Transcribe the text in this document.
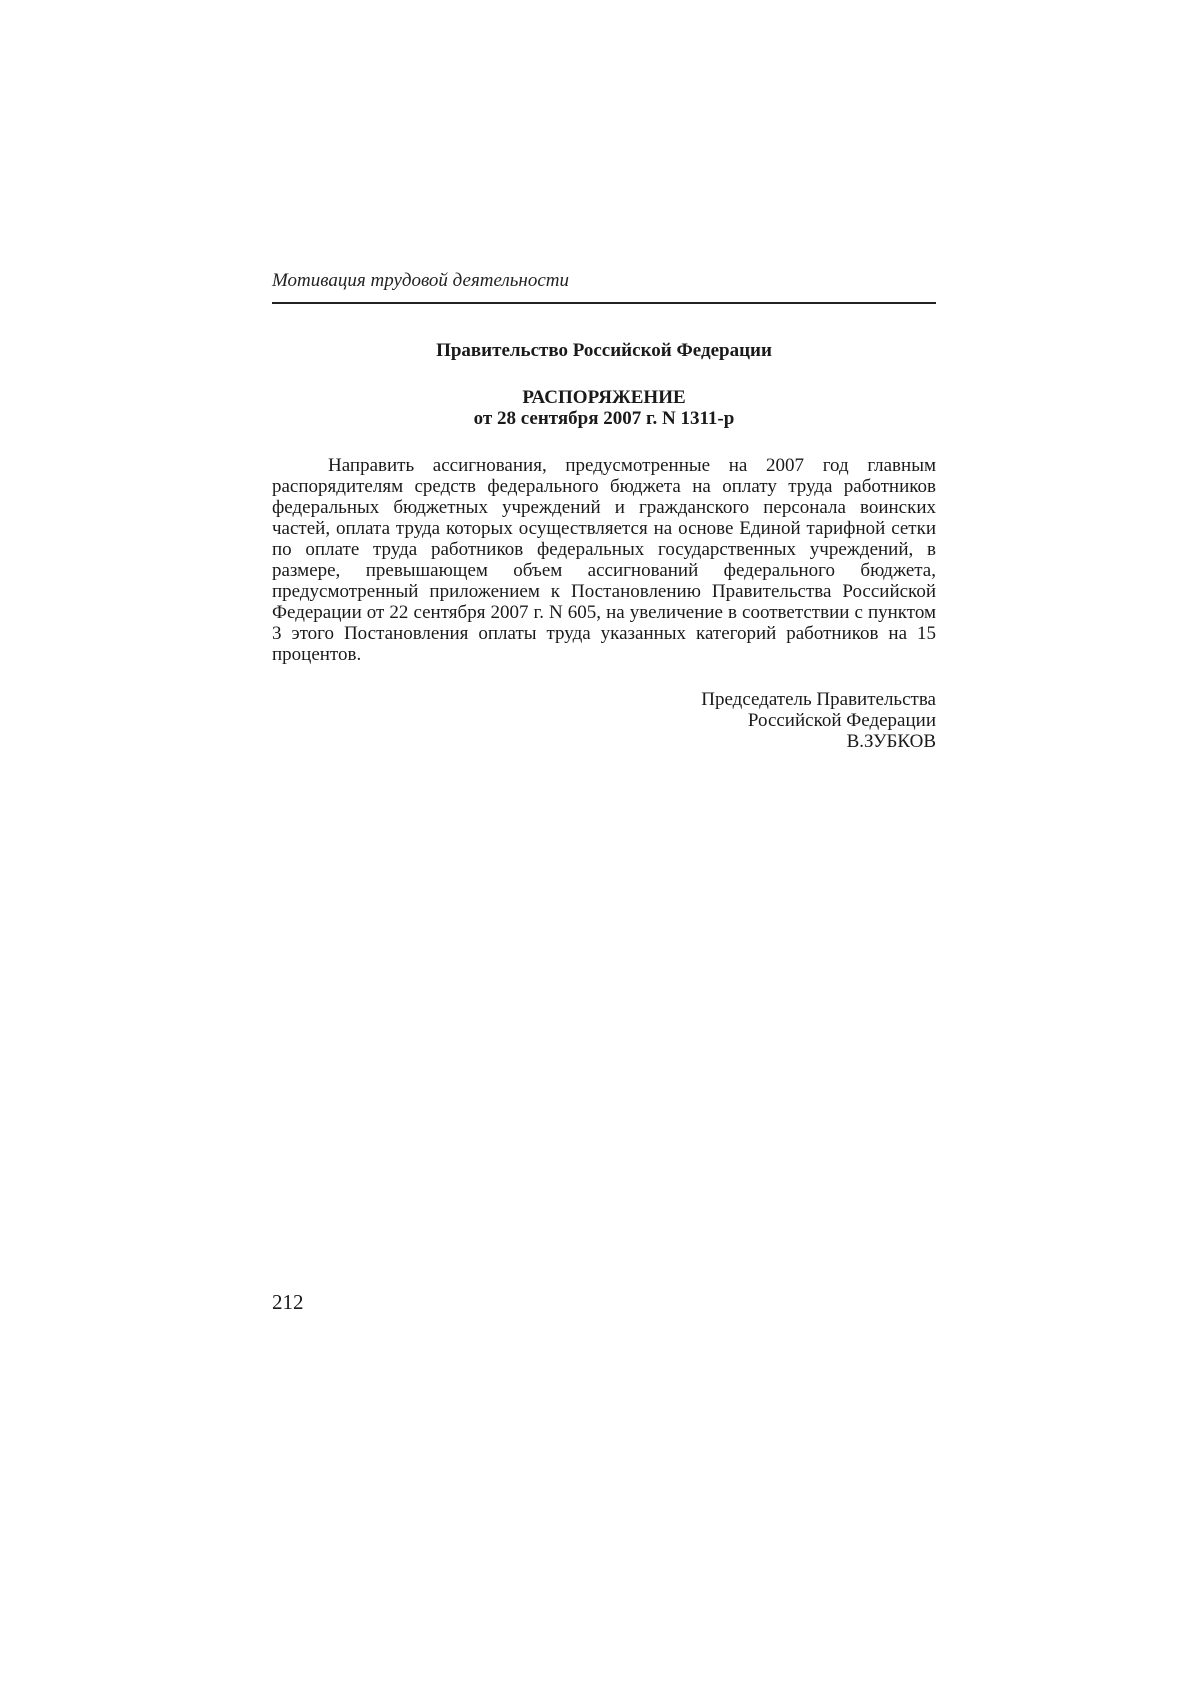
Мотивация трудовой деятельности

Правительство Российской Федерации

РАСПОРЯЖЕНИЕ

от 28 сентября 2007 г. N 1311-р

Направить ассигнования, предусмотренные на 2007 год главным распорядителям средств федерального бюджета на оплату труда работников федеральных бюджетных учреждений и гражданского персонала воинских частей, оплата труда которых осуществляется на основе Единой тарифной сетки по оплате труда работников федеральных государственных учреждений, в размере, превышающем объем ассигнований федерального бюджета, предусмотренный приложением к Постановлению Правительства Российской Федерации от 22 сентября 2007 г. N 605, на увеличение в соответствии с пунктом 3 этого Постановления оплаты труда указанных категорий работников на 15 процентов.

Председатель Правительства
Российской Федерации
В.ЗУБКОВ
212
